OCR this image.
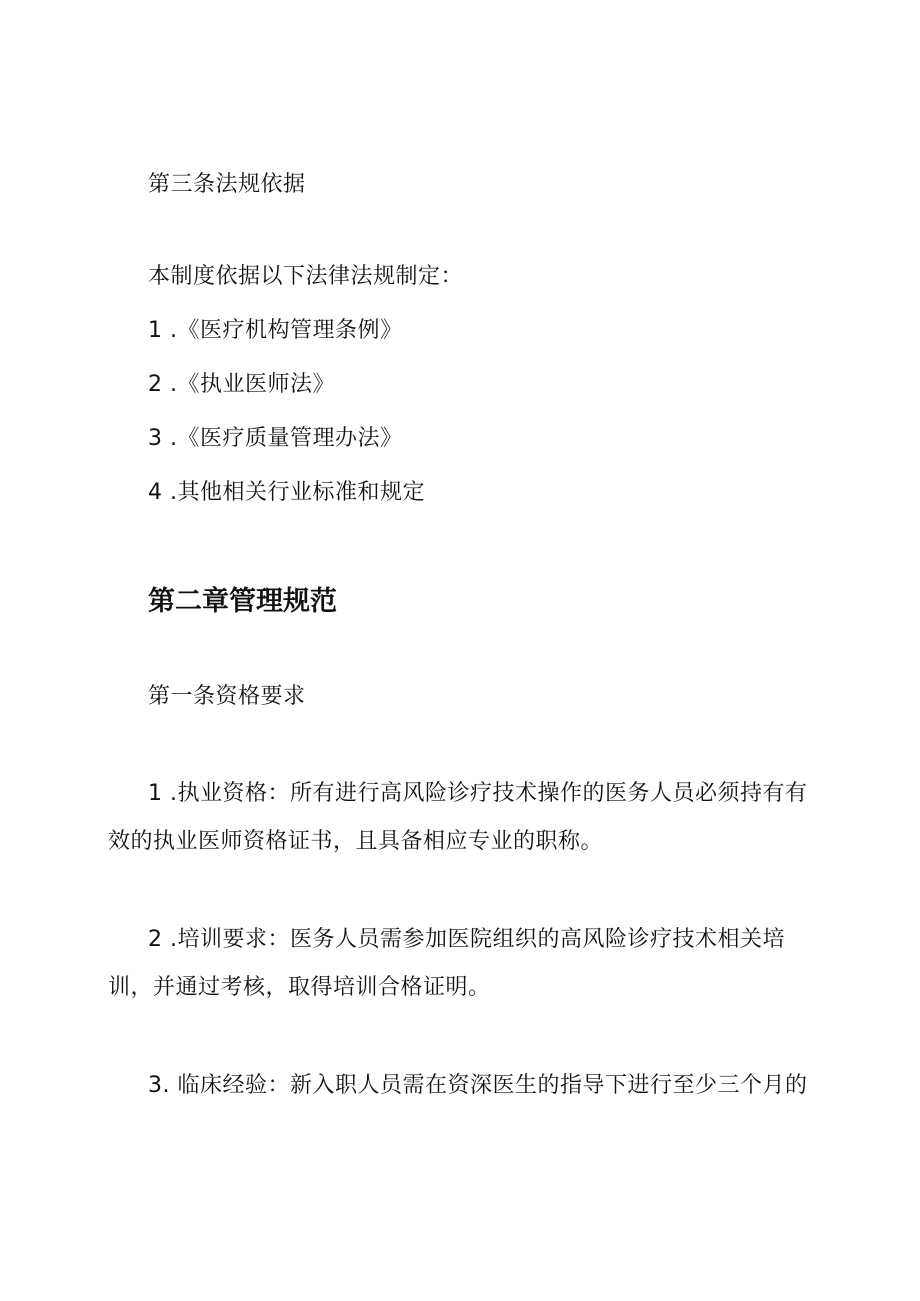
第三条法规依据
本制度依据以下法律法规制定：
1 .《医疗机构管理条例》
2 .《执业医师法》
3 .《医疗质量管理办法》
4 .其他相关行业标准和规定
第二章管理规范
第一条资格要求
1 .执业资格：所有进行高风险诊疗技术操作的医务人员必须持有有效的执业医师资格证书，且具备相应专业的职称。
2 .培训要求：医务人员需参加医院组织的高风险诊疗技术相关培训，并通过考核，取得培训合格证明。
3. 临床经验：新入职人员需在资深医生的指导下进行至少三个月的
